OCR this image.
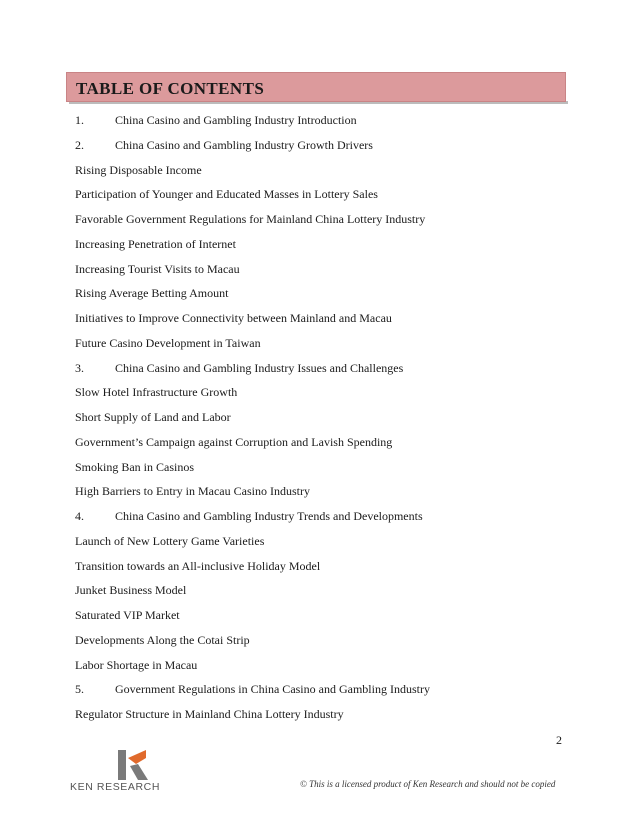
TABLE OF CONTENTS
1.	China Casino and Gambling Industry Introduction
2.	China Casino and Gambling Industry Growth Drivers
Rising Disposable Income
Participation of Younger and Educated Masses in Lottery Sales
Favorable Government Regulations for Mainland China Lottery Industry
Increasing Penetration of Internet
Increasing Tourist Visits to Macau
Rising Average Betting Amount
Initiatives to Improve Connectivity between Mainland and Macau
Future Casino Development in Taiwan
3.	China Casino and Gambling Industry Issues and Challenges
Slow Hotel Infrastructure Growth
Short Supply of Land and Labor
Government’s Campaign against Corruption and Lavish Spending
Smoking Ban in Casinos
High Barriers to Entry in Macau Casino Industry
4.	China Casino and Gambling Industry Trends and Developments
Launch of New Lottery Game Varieties
Transition towards an All-inclusive Holiday Model
Junket Business Model
Saturated VIP Market
Developments Along the Cotai Strip
Labor Shortage in Macau
5.	Government Regulations in China Casino and Gambling Industry
Regulator Structure in Mainland China Lottery Industry
2
KEN RESEARCH	© This is a licensed product of Ken Research and should not be copied
